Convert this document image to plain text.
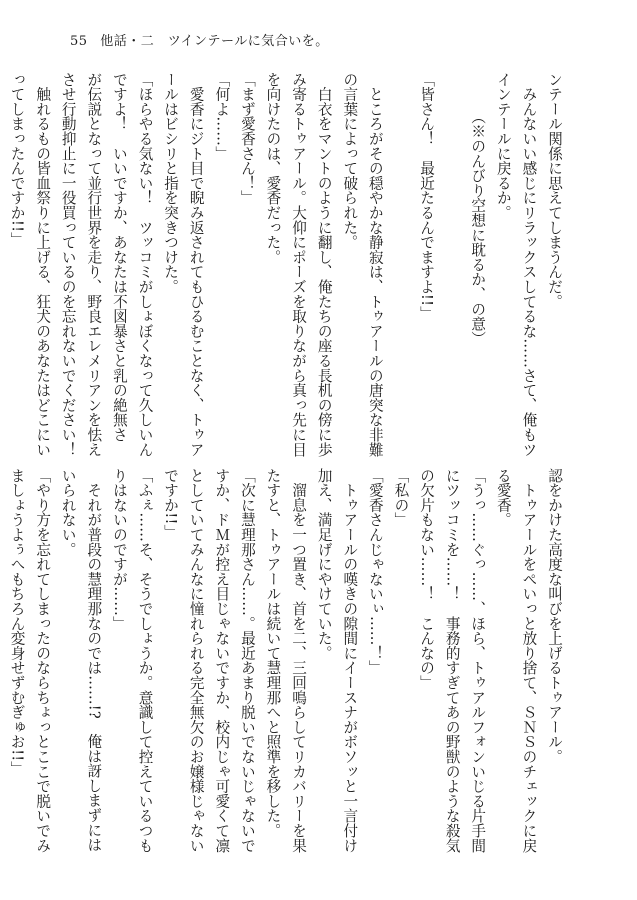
55 他話・二　ツインテールに気合いを。
ンテール関係に思えてしまうんだ。
　みんないい感じにリラックスしてるな……さて、俺もツ
インテールに戻るか。
　　　（※のんびり空想に耽るか、の意）

「皆さん！　最近たるんでますよ!!」

　ところがその穏やかな静寂は、トゥアールの唐突な非難
の言葉によって破られた。
　白衣をマントのように翻し、俺たちの座る長机の傍に歩
み寄るトゥアール。大仰にポーズを取りながら真っ先に目
を向けたのは、愛香だった。
「まず愛香さん！」
「何よ……」
　愛香にジト目で睨み返されてもひるむことなく、トゥア
ールはビシリと指を突きつけた。
「ほらやる気ない！　ツッコミがしょぼくなって久しいん
ですよ！　いいですか、あなたは不図暴さと乳の絶無さ
が伝説となって並行世界を走り、野良エレメリアンを怯え
させ行動抑止に一役買っているのを忘れないでください！
　触れるもの皆血祭りに上げる、狂犬のあなたはどこにい
ってしまったんですか!!」
認をかけた高度な叫びを上げるトゥアール。
　トゥアールをぺいっと放り捨て、ＳＮＳのチェックに戻
る愛香。
「うっ……ぐっ……、ほら、トゥアルフォンいじる片手間
にツッコミを……！　事務的すぎてあの野獣のような殺気
の欠片もない……！　こんなの」
「私の」
「愛香さんじゃないぃ……！」
　トゥアールの嘆きの隙間にイースナがボソッと一言付け
加え、満足げにやけていた。
　溜息を一つ置き、首を二、三回鳴らしてリカバリーを果
たすと、トゥアールは続いて慧理那へと照準を移した。
「次に慧理那さん……。最近あまり脱いでないじゃないで
すか、ドＭが控え目じゃないですか、校内じゃ可愛くて凛
としていてみんなに憧れられる完全無欠のお嬢様じゃない
ですか!!」
「ふぇ……そ、そうでしょうか。意識して控えているつも
りはないのですが……」
　それが普段の慧理那なのでは……!?　俺は訝しまずには
いられない。
「やり方を忘れてしまったのならちょっとここで脱いでみ
ましょうよぅへもちろん変身せずむぎゅお!!」
